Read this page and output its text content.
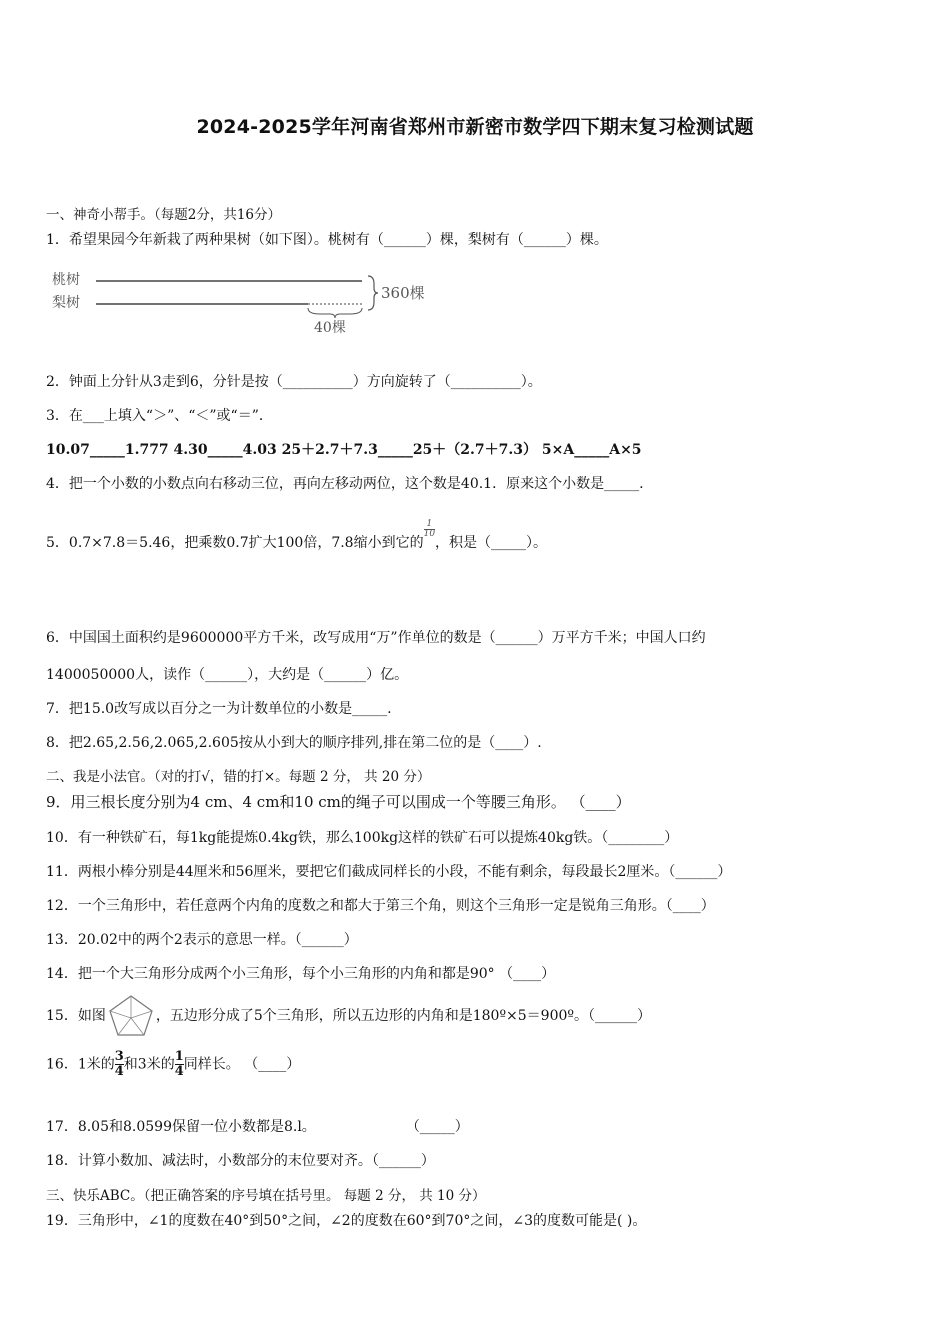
2024-2025学年河南省郑州市新密市数学四下期末复习检测试题
一、神奇小帮手。（每题2分，共16分）
1．希望果园今年新栽了两种果树（如下图）。桃树有（______）棵，梨树有（______）棵。
桃树
梨树
360棵
40棵
2．钟面上分针从3走到6，分针是按（__________）方向旋转了（__________）。
3．在___上填入“＞”、“＜”或“＝”．
10.07_____1.777 4.30_____4.03 25＋2.7＋7.3_____25＋（2.7＋7.3） 5×A_____A×5
4．把一个小数的小数点向右移动三位，再向左移动两位，这个数是40.1．原来这个小数是_____.
5．0.7×7.8＝5.46，把乘数0.7扩大100倍，7.8缩小到它的
$\frac{1}{10}$
，积是（_____）。
6．中国国土面积约是9600000平方千米，改写成用“万”作单位的数是（______）万平方千米；中国人口约
1400050000人，读作（______），大约是（______）亿。
7．把15.0改写成以百分之一为计数单位的小数是_____.
8．把2.65,2.56,2.065,2.605按从小到大的顺序排列,排在第二位的是（____）.
二、我是小法官。（对的打√，错的打×。每题 2 分， 共 20 分）
9．用三根长度分别为4 cm、4 cm和10 cm的绳子可以围成一个等腰三角形。 （____）
10．有一种铁矿石，每1kg能提炼0.4kg铁，那么100kg这样的铁矿石可以提炼40kg铁。（________）
11．两根小棒分别是44厘米和56厘米，要把它们截成同样长的小段，不能有剩余，每段最长2厘米。（______）
12．一个三角形中，若任意两个内角的度数之和都大于第三个角，则这个三角形一定是锐角三角形。（____）
13．20.02中的两个2表示的意思一样。（______）
14．把一个大三角形分成两个小三角形，每个小三角形的内角和都是90° （____）
15．如图	，五边形分成了5个三角形，所以五边形的内角和是180º×5＝900º。（______）
16．1米的 $\frac{3}{4}$ 和3米的 $\frac{1}{4}$ 同样长。 （____）
17．8.05和8.0599保留一位小数都是8.l。	（_____）
18．计算小数加、减法时，小数部分的末位要对齐。（______）
三、快乐ABC。（把正确答案的序号填在括号里。 每题 2 分， 共 10 分）
19．三角形中，∠1的度数在40°到50°之间，∠2的度数在60°到70°之间，∠3的度数可能是( )。
